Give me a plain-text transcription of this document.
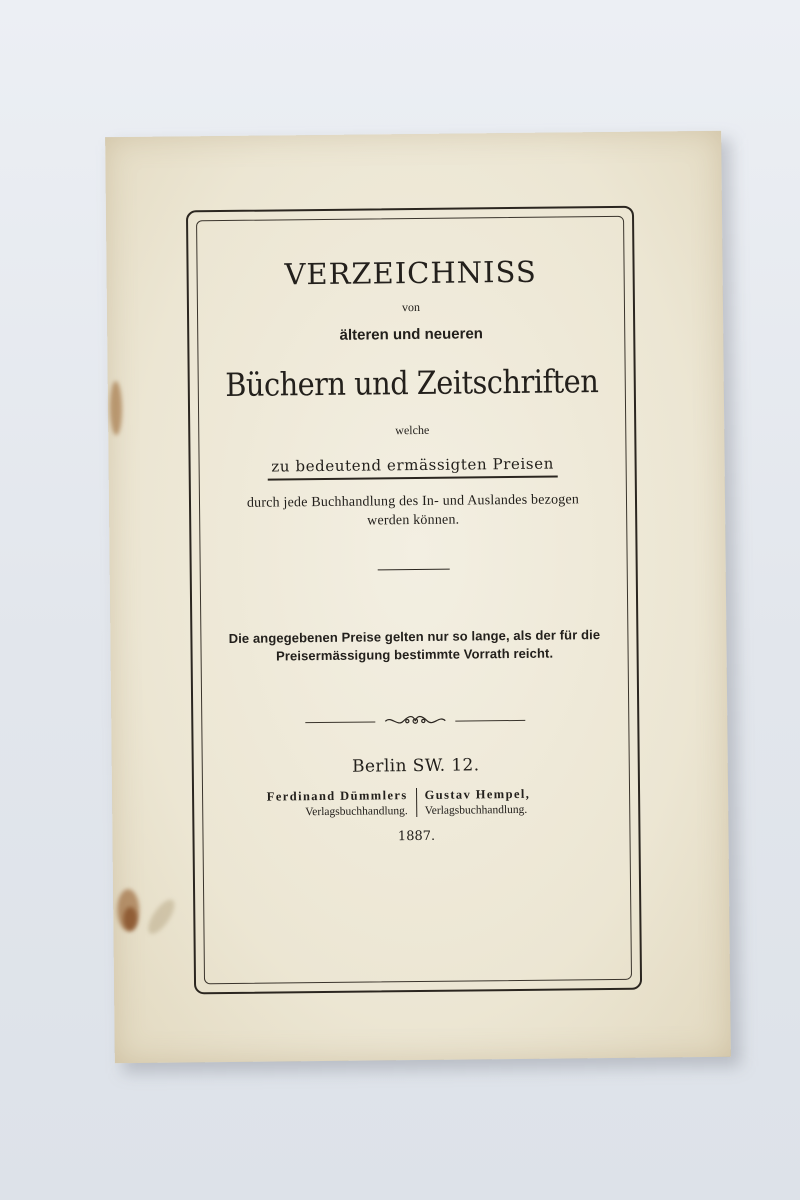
VERZEICHNISS
von
älteren und neueren
Büchern und Zeitschriften
welche
zu bedeutend ermässigten Preisen
durch jede Buchhandlung des In- und Auslandes bezogen
werden können.
Die angegebenen Preise gelten nur so lange, als der für die
Preisermässigung bestimmte Vorrath reicht.
Berlin SW. 12.
Ferdinand Dümmlers
Verlagsbuchhandlung.
Gustav Hempel,
Verlagsbuchhandlung.
1887.
